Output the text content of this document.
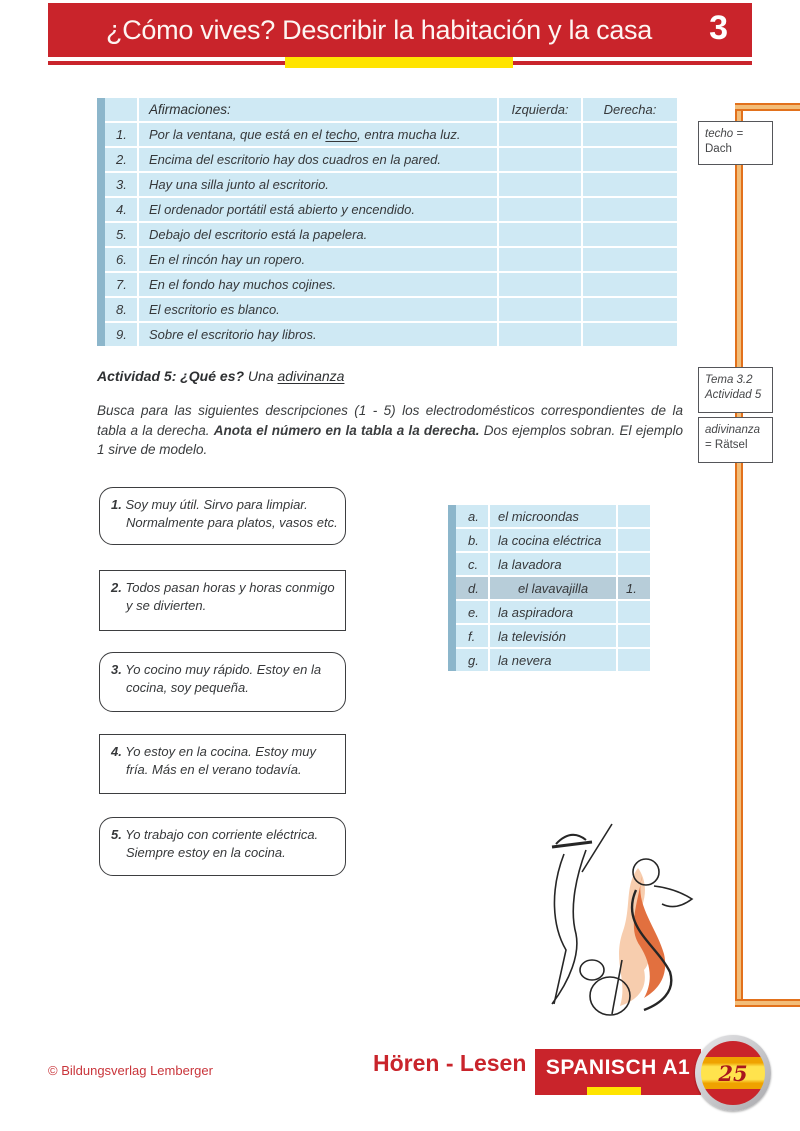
¿Cómo vives? Describir la habitación y la casa	3
techo =
Dach
Tema 3.2
Actividad 5
adivinanza
= Rätsel
Afirmaciones:	Izquierda:	Derecha:
1.	Por la ventana, que está en el techo, entra mucha luz.
2.	Encima del escritorio hay dos cuadros en la pared.
3.	Hay una silla junto al escritorio.
4.	El ordenador portátil está abierto y encendido.
5.	Debajo del escritorio está la papelera.
6.	En el rincón hay un ropero.
7.	En el fondo hay muchos cojines.
8.	El escritorio es blanco.
9.	Sobre el escritorio hay libros.
Actividad 5: ¿Qué es? Una adivinanza
Busca para las siguientes descripciones (1 - 5) los electrodomésticos correspondientes de la tabla a la derecha. Anota el número en la tabla a la derecha. Dos ejemplos sobran. El ejemplo 1 sirve de modelo.
1. Soy muy útil. Sirvo para limpiar. Normalmente para platos, vasos etc.
2. Todos pasan horas y horas conmigo y se divierten.
3. Yo cocino muy rápido. Estoy en la cocina, soy pequeña.
4. Yo estoy en la cocina. Estoy muy fría. Más en el verano todavía.
5. Yo trabajo con corriente eléctrica. Siempre estoy en la cocina.
a.	el microondas
b.	la cocina eléctrica
c.	la lavadora
d.	el lavavajilla	1.
e.	la aspiradora
f.	la televisión
g.	la nevera
© Bildungsverlag Lemberger	Hören - Lesen SPANISCH A1	25
